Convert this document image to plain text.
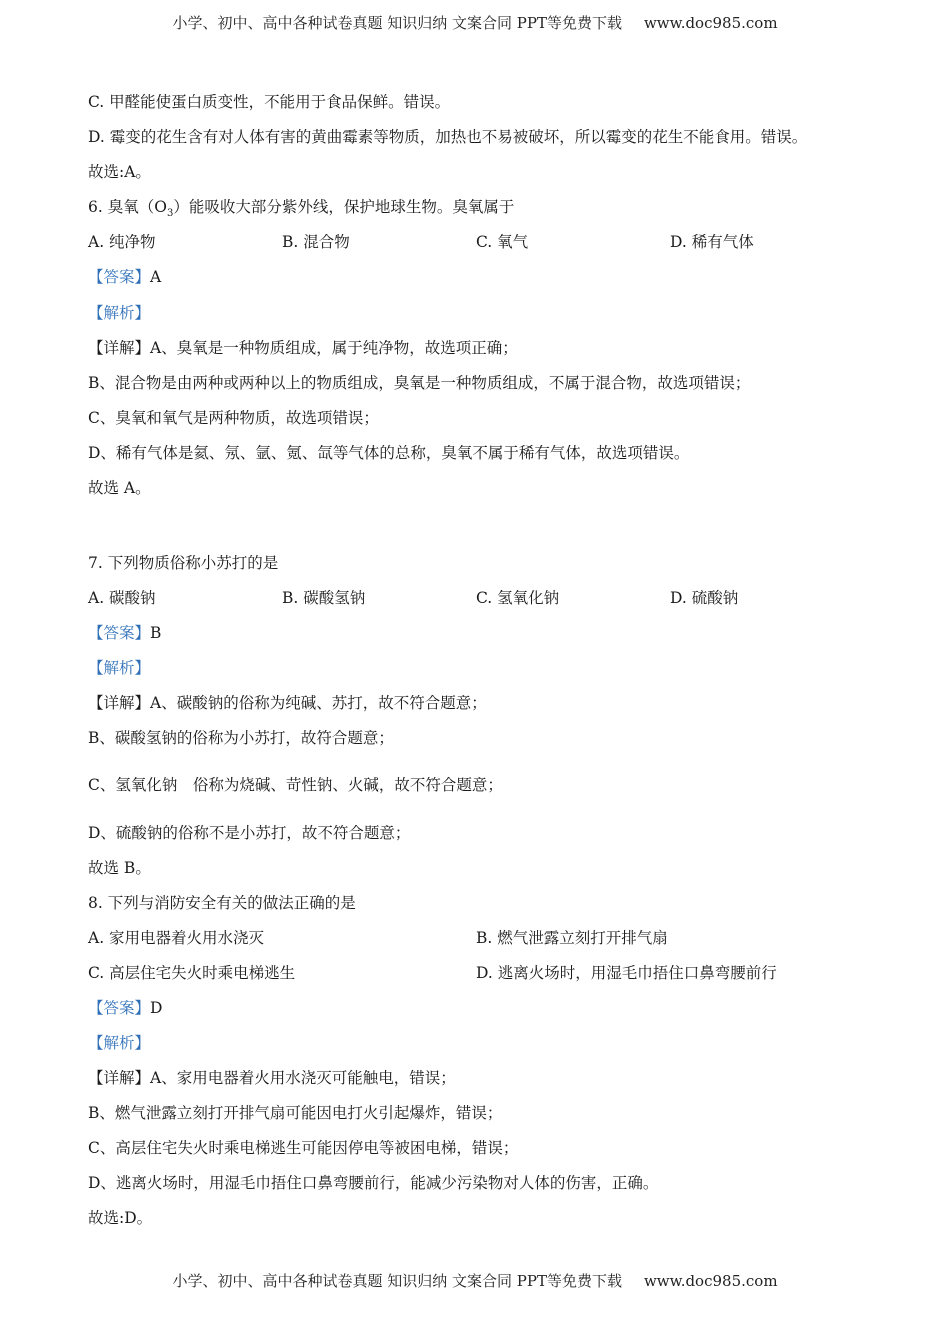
小学、初中、高中各种试卷真题 知识归纳 文案合同 PPT等免费下载 www.doc985.com
C. 甲醛能使蛋白质变性，不能用于食品保鲜。错误。
D. 霉变的花生含有对人体有害的黄曲霉素等物质，加热也不易被破坏，所以霉变的花生不能食用。错误。
故选:A。
6. 臭氧$(O_3)$能吸收大部分紫外线，保护地球生物。臭氧属于
A. 纯净物	B. 混合物	C. 氧气	D. 稀有气体
【答案】A
【解析】
【详解】A、臭氧是一种物质组成，属于纯净物，故选项正确；
B、混合物是由两种或两种以上的物质组成，臭氧是一种物质组成，不属于混合物，故选项错误；
C、臭氧和氧气是两种物质，故选项错误；
D、稀有气体是氦、氖、氩、氪、氙等气体的总称，臭氧不属于稀有气体，故选项错误。
故选 A。
7. 下列物质俗称小苏打的是
A. 碳酸钠	B. 碳酸氢钠	C. 氢氧化钠	D. 硫酸钠
【答案】B
【解析】
【详解】A、碳酸钠的俗称为纯碱、苏打，故不符合题意；
B、碳酸氢钠的俗称为小苏打，故符合题意；
C、氢氧化钠　俗称为烧碱、苛性钠、火碱，故不符合题意；
D、硫酸钠的俗称不是小苏打，故不符合题意；
故选 B。
8. 下列与消防安全有关的做法正确的是
A. 家用电器着火用水浇灭	B. 燃气泄露立刻打开排气扇
C. 高层住宅失火时乘电梯逃生	D. 逃离火场时，用湿毛巾捂住口鼻弯腰前行
【答案】D
【解析】
【详解】A、家用电器着火用水浇灭可能触电，错误；
B、燃气泄露立刻打开排气扇可能因电打火引起爆炸，错误；
C、高层住宅失火时乘电梯逃生可能因停电等被困电梯，错误；
D、逃离火场时，用湿毛巾捂住口鼻弯腰前行，能减少污染物对人体的伤害，正确。
故选:D。
小学、初中、高中各种试卷真题 知识归纳 文案合同 PPT等免费下载 www.doc985.com
